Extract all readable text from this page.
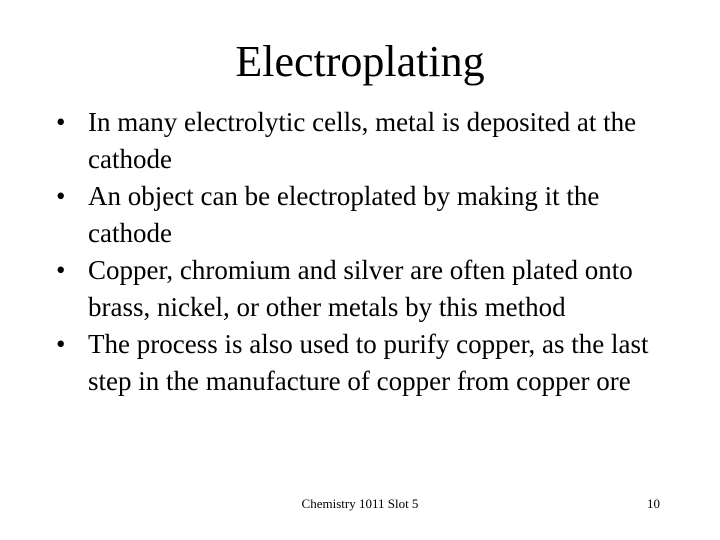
Electroplating
• In many electrolytic cells, metal is deposited at the cathode
• An object can be electroplated by making it the cathode
• Copper, chromium and silver are often plated onto brass, nickel, or other metals by this method
• The process is also used to purify copper, as the last step in the manufacture of copper from copper ore
Chemistry 1011 Slot 5	10
